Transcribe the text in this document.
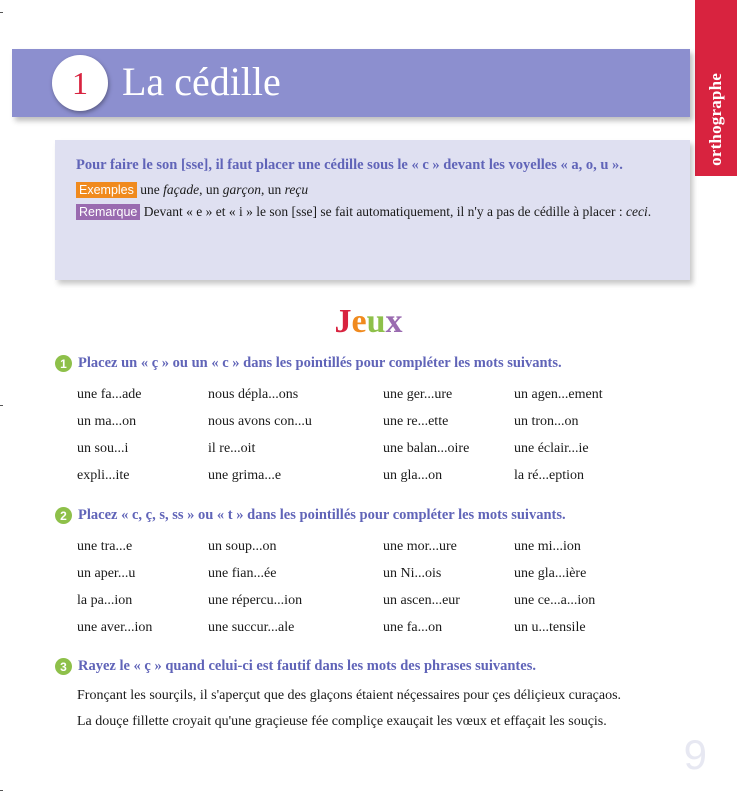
orthographe
1 La cédille

Pour faire le son [sse], il faut placer une cédille sous le « c » devant les voyelles « a, o, u ».

Exemples une façade, un garçon, un reçu

Remarque Devant « e » et « i » le son [sse] se fait automatiquement, il n'y a pas de cédille à placer : ceci.

Jeux
1 Placez un « ç » ou un « c » dans les pointillés pour compléter les mots suivants.
une fa...ade	nous dépla...ons	une ger...ure	un agen...ement
un ma...on	nous avons con...u	une re...ette	un tron...on
un sou...i	il re...oit	une balan...oire	une éclair...ie
expli...ite	une grima...e	un gla...on	la ré...eption
2 Placez « c, ç, s, ss » ou « t » dans les pointillés pour compléter les mots suivants.
une tra...e	un soup...on	une mor...ure	une mi...ion
un aper...u	une fian...ée	un Ni...ois	une gla...ière
la pa...ion	une répercu...ion	un ascen...eur	une ce...a...ion
une aver...ion	une succur...ale	une fa...on	un u...tensile
3 Rayez le « ç » quand celui-ci est fautif dans les mots des phrases suivantes.
Fronçant les sourçils, il s'aperçut que des glaçons étaient néçessaires pour çes déliçieux curaçaos.
La douçe fillette croyait qu'une graçieuse fée compliçe exauçait les vœux et effaçait les souçis.
9
